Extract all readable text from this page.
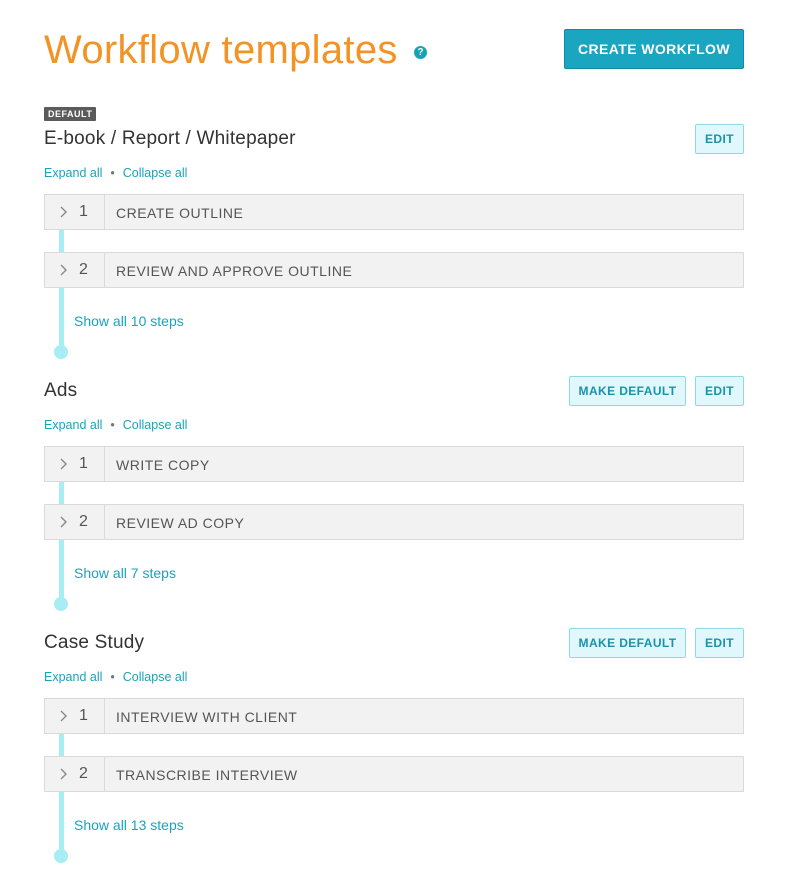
Workflow templates	?	CREATE WORKFLOW
DEFAULT
E-book / Report / Whitepaper	EDIT
Expand all • Collapse all
1 CREATE OUTLINE
2 REVIEW AND APPROVE OUTLINE
Show all 10 steps
Ads	MAKE DEFAULT	EDIT
Expand all • Collapse all
1 WRITE COPY
2 REVIEW AD COPY
Show all 7 steps
Case Study	MAKE DEFAULT	EDIT
Expand all • Collapse all
1 INTERVIEW WITH CLIENT
2 TRANSCRIBE INTERVIEW
Show all 13 steps
